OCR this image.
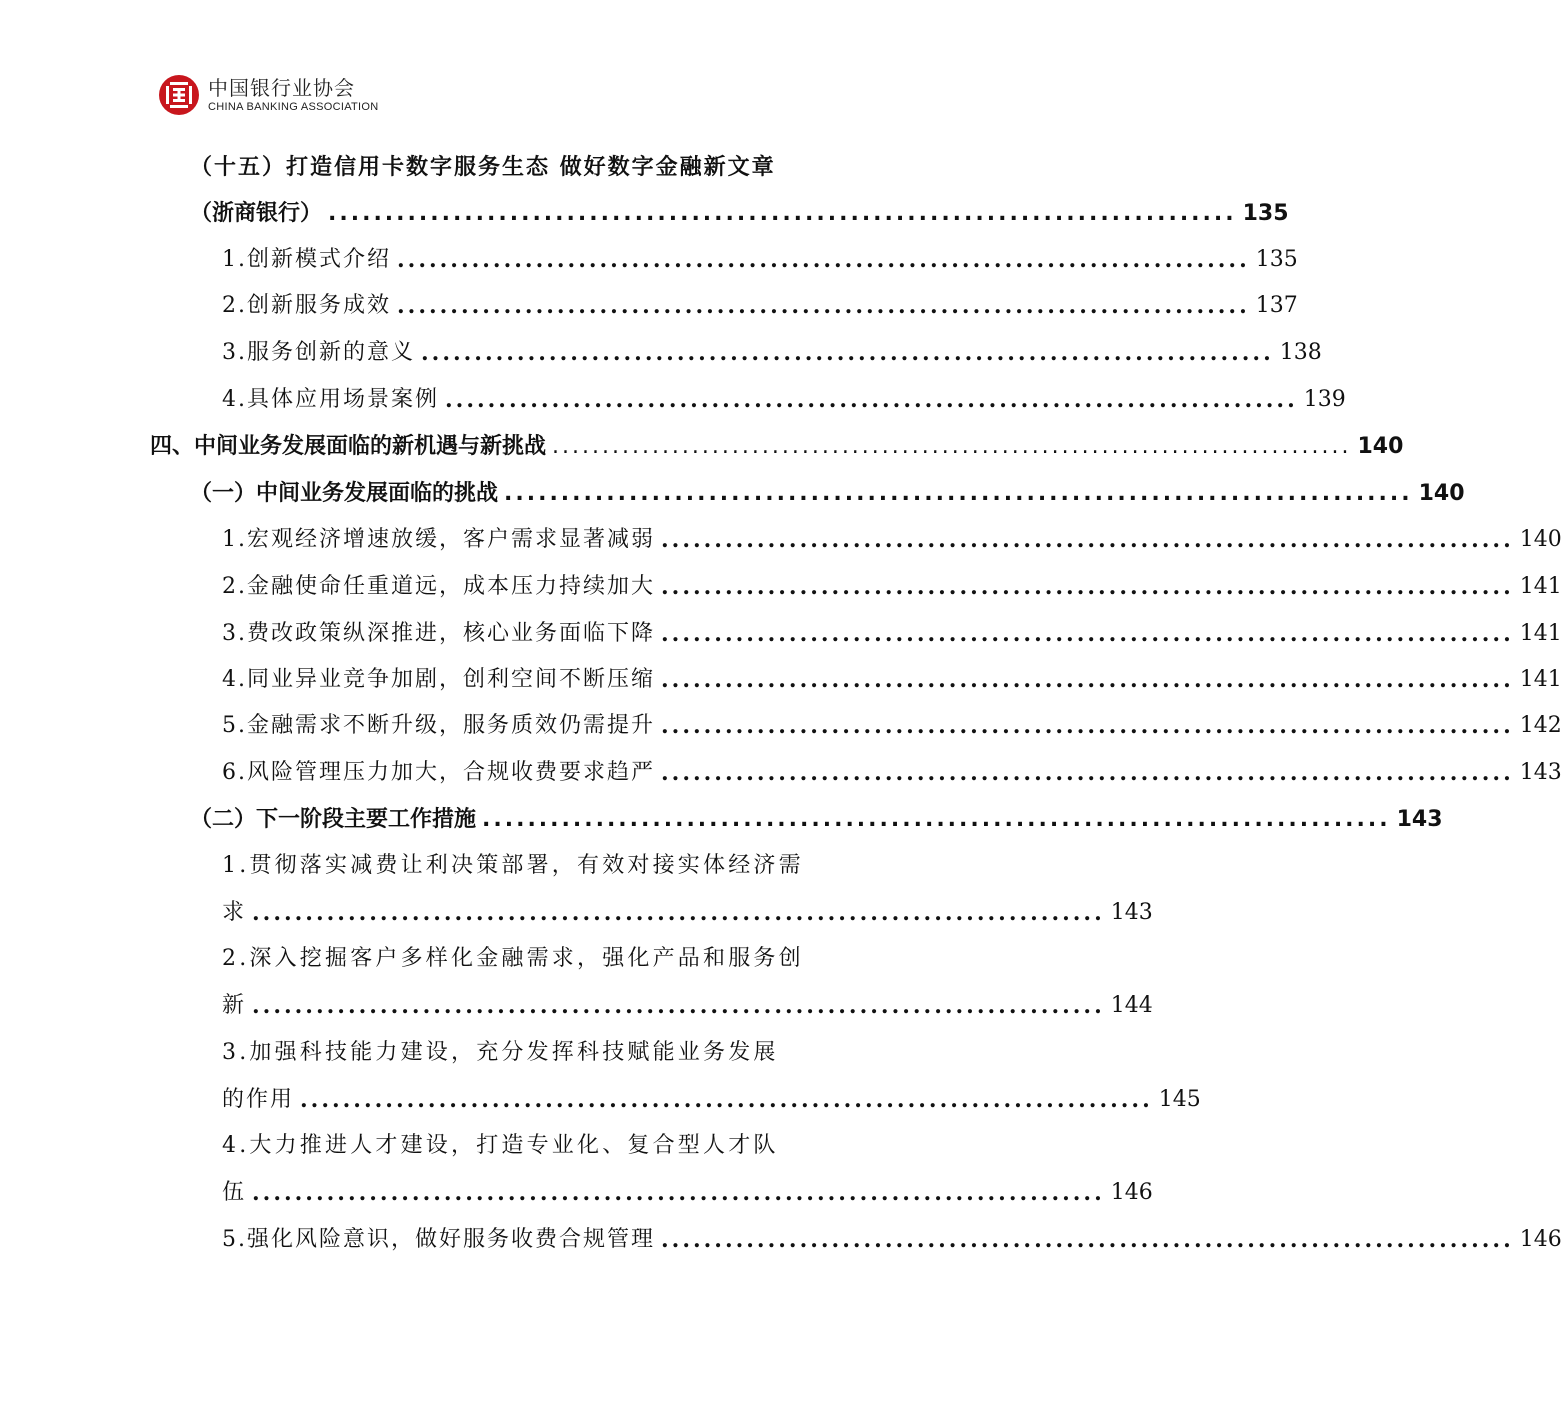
中国银行业协会
CHINA BANKING ASSOCIATION
（十五）打造信用卡数字服务生态 做好数字金融新文章
（浙商银行） ................................................................................ 135
1.创新模式介绍 ................................................................................ 135
2.创新服务成效 ................................................................................ 137
3.服务创新的意义 ................................................................................ 138
4.具体应用场景案例 ................................................................................ 139
四、中间业务发展面临的新机遇与新挑战 ................................................................................ 140
（一）中间业务发展面临的挑战 ................................................................................ 140
1.宏观经济增速放缓，客户需求显著减弱 ................................................................................ 140
2.金融使命任重道远，成本压力持续加大 ................................................................................ 141
3.费改政策纵深推进，核心业务面临下降 ................................................................................ 141
4.同业异业竞争加剧，创利空间不断压缩 ................................................................................ 141
5.金融需求不断升级，服务质效仍需提升 ................................................................................ 142
6.风险管理压力加大，合规收费要求趋严 ................................................................................ 143
（二）下一阶段主要工作措施 ................................................................................ 143
1.贯彻落实减费让利决策部署，有效对接实体经济需
求 ................................................................................ 143
2.深入挖掘客户多样化金融需求，强化产品和服务创
新 ................................................................................ 144
3.加强科技能力建设，充分发挥科技赋能业务发展
的作用 ................................................................................ 145
4.大力推进人才建设，打造专业化、复合型人才队
伍 ................................................................................ 146
5.强化风险意识，做好服务收费合规管理 ................................................................................ 146
